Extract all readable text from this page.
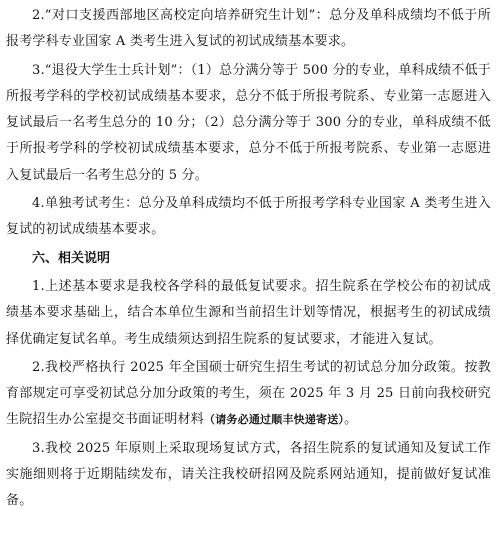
2.“对口支援西部地区高校定向培养研究生计划”：总分及单科成绩均不低于所报考学科专业国家 A 类考生进入复试的初试成绩基本要求。

3.“退役大学生士兵计划”：（1）总分满分等于 500 分的专业，单科成绩不低于所报考学科的学校初试成绩基本要求，总分不低于所报考院系、专业第一志愿进入复试最后一名考生总分的 10 分；（2）总分满分等于 300 分的专业，单科成绩不低于所报考学科的学校初试成绩基本要求，总分不低于所报考院系、专业第一志愿进入复试最后一名考生总分的 5 分。

4.单独考试考生：总分及单科成绩均不低于所报考学科专业国家 A 类考生进入复试的初试成绩基本要求。

六、相关说明

1.上述基本要求是我校各学科的最低复试要求。招生院系在学校公布的初试成绩基本要求基础上，结合本单位生源和当前招生计划等情况，根据考生的初试成绩择优确定复试名单。考生成绩须达到招生院系的复试要求，才能进入复试。

2.我校严格执行 2025 年全国硕士研究生招生考试的初试总分加分政策。按教育部规定可享受初试总分加分政策的考生，须在 2025 年 3 月 25 日前向我校研究生院招生办公室提交书面证明材料（请务必通过顺丰快递寄送）。

3.我校 2025 年原则上采取现场复试方式，各招生院系的复试通知及复试工作实施细则将于近期陆续发布，请关注我校研招网及院系网站通知，提前做好复试准备。
